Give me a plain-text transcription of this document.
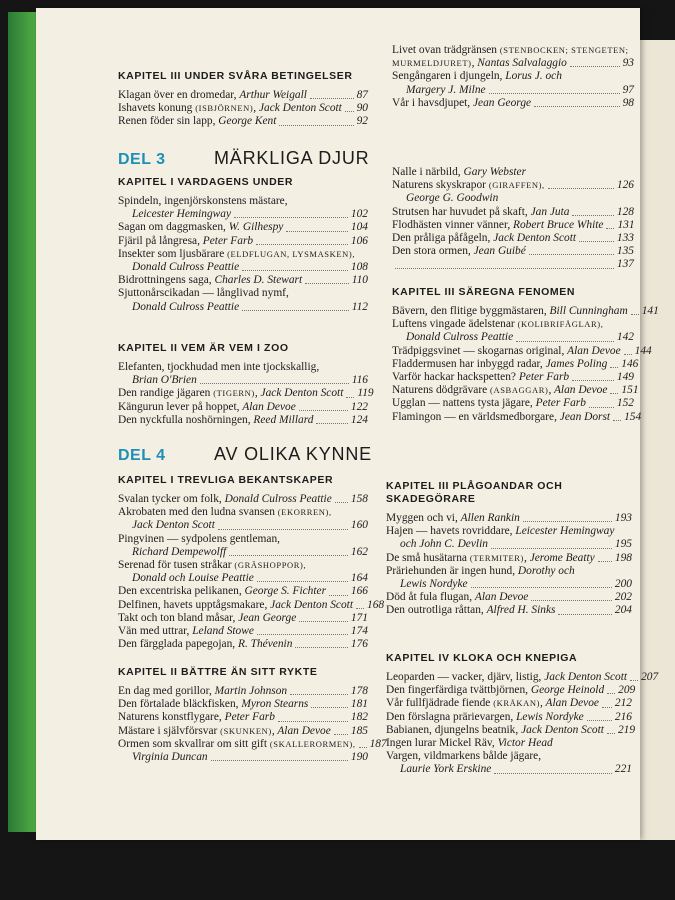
KAPITEL III UNDER SVÅRA BETINGELSER
Klagan över en dromedar, Arthur Weigall	87
Ishavets konung (ISBJÖRNEN), Jack Denton Scott 90
Renen föder sin lapp, George Kent	92
Livet ovan trädgränsen (STENBOCKEN; STENGETEN;
MURMELDJURET), Nantas Salvalaggio	93
Sengångaren i djungeln, Lorus J. och
Margery J. Milne	97
Vår i havsdjupet, Jean George	98
DEL 3	MÄRKLIGA DJUR
KAPITEL I VARDAGENS UNDER
Spindeln, ingenjörskonstens mästare,
Leicester Hemingway	102
Sagan om daggmasken, W. Gilhespy	104
Fjäril på långresa, Peter Farb	106
Insekter som ljusbärare (ELDFLUGAN, LYSMASKEN),
Donald Culross Peattie	108
Bidrottningens saga, Charles D. Stewart	110
Sjuttonårscikadan — långlivad nymf,
Donald Culross Peattie	112
KAPITEL II VEM ÄR VEM I ZOO
Elefanten, tjockhudad men inte tjockskallig,
Brian O'Brien	116
Den randige jägaren (TIGERN), Jack Denton Scott 119
Kängurun lever på hoppet, Alan Devoe	122
Den nyckfulla noshörningen, Reed Millard	124
Nalle i närbild, Gary Webster
Naturens skyskrapor (GIRAFFEN),	126
George G. Goodwin
Strutsen har huvudet på skaft, Jan Juta	128
Flodhästen vinner vänner, Robert Bruce White 131
Den pråliga påfågeln, Jack Denton Scott	133
Den stora ormen, Jean Guibé	135
137
KAPITEL III SÄREGNA FENOMEN
Bävern, den flitige byggmästaren, Bill Cunningham 141
Luftens vingade ädelstenar (KOLIBRIFÅGLAR),
Donald Culross Peattie	142
Trädpiggsvinet — skogarnas original, Alan Devoe 144
Fladdermusen har inbyggd radar, James Poling 146
Varför hackar hackspetten? Peter Farb	149
Naturens dödgrävare (ASBAGGAR), Alan Devoe 151
Ugglan — nattens tysta jägare, Peter Farb	152
Flamingon — en världsmedborgare, Jean Dorst 154
DEL 4	AV OLIKA KYNNE
KAPITEL I TREVLIGA BEKANTSKAPER
Svalan tycker om folk, Donald Culross Peattie 158
Akrobaten med den ludna svansen (EKORREN),
Jack Denton Scott	160
Pingvinen — sydpolens gentleman,
Richard Dempewolff	162
Serenad för tusen stråkar (GRÄSHOPPOR),
Donald och Louise Peattie	164
Den excentriska pelikanen, George S. Fichter 166
Delfinen, havets upptågsmakare, Jack Denton Scott 168
Takt och ton bland måsar, Jean George	171
Vän med uttrar, Leland Stowe	174
Den färgglada papegojan, R. Thévenin	176
KAPITEL II BÄTTRE ÄN SITT RYKTE
En dag med gorillor, Martin Johnson	178
Den förtalade bläckfisken, Myron Stearns	181
Naturens konstflygare, Peter Farb	182
Mästare i självförsvar (SKUNKEN), Alan Devoe 185
Ormen som skvallrar om sitt gift (SKALLERORMEN), 187
Virginia Duncan	190
KAPITEL III PLÅGOANDAR OCH SKADEGÖRARE
Myggen och vi, Allen Rankin	193
Hajen — havets rovriddare, Leicester Hemingway
och John C. Devlin	195
De små husätarna (TERMITER), Jerome Beatty 198
Präriehunden är ingen hund, Dorothy och
Lewis Nordyke	200
Död åt fula flugan, Alan Devoe	202
Den outrotliga råttan, Alfred H. Sinks	204
KAPITEL IV KLOKA OCH KNEPIGA
Leoparden — vacker, djärv, listig, Jack Denton Scott 207
Den fingerfärdiga tvättbjörnen, George Heinold 209
Vår fullfjädrade fiende (KRÅKAN), Alan Devoe 212
Den förslagna prärievargen, Lewis Nordyke	216
Babianen, djungelns beatnik, Jack Denton Scott 219
Ingen lurar Mickel Räv, Victor Head
Vargen, vildmarkens bålde jägare,
Laurie York Erskine	221
